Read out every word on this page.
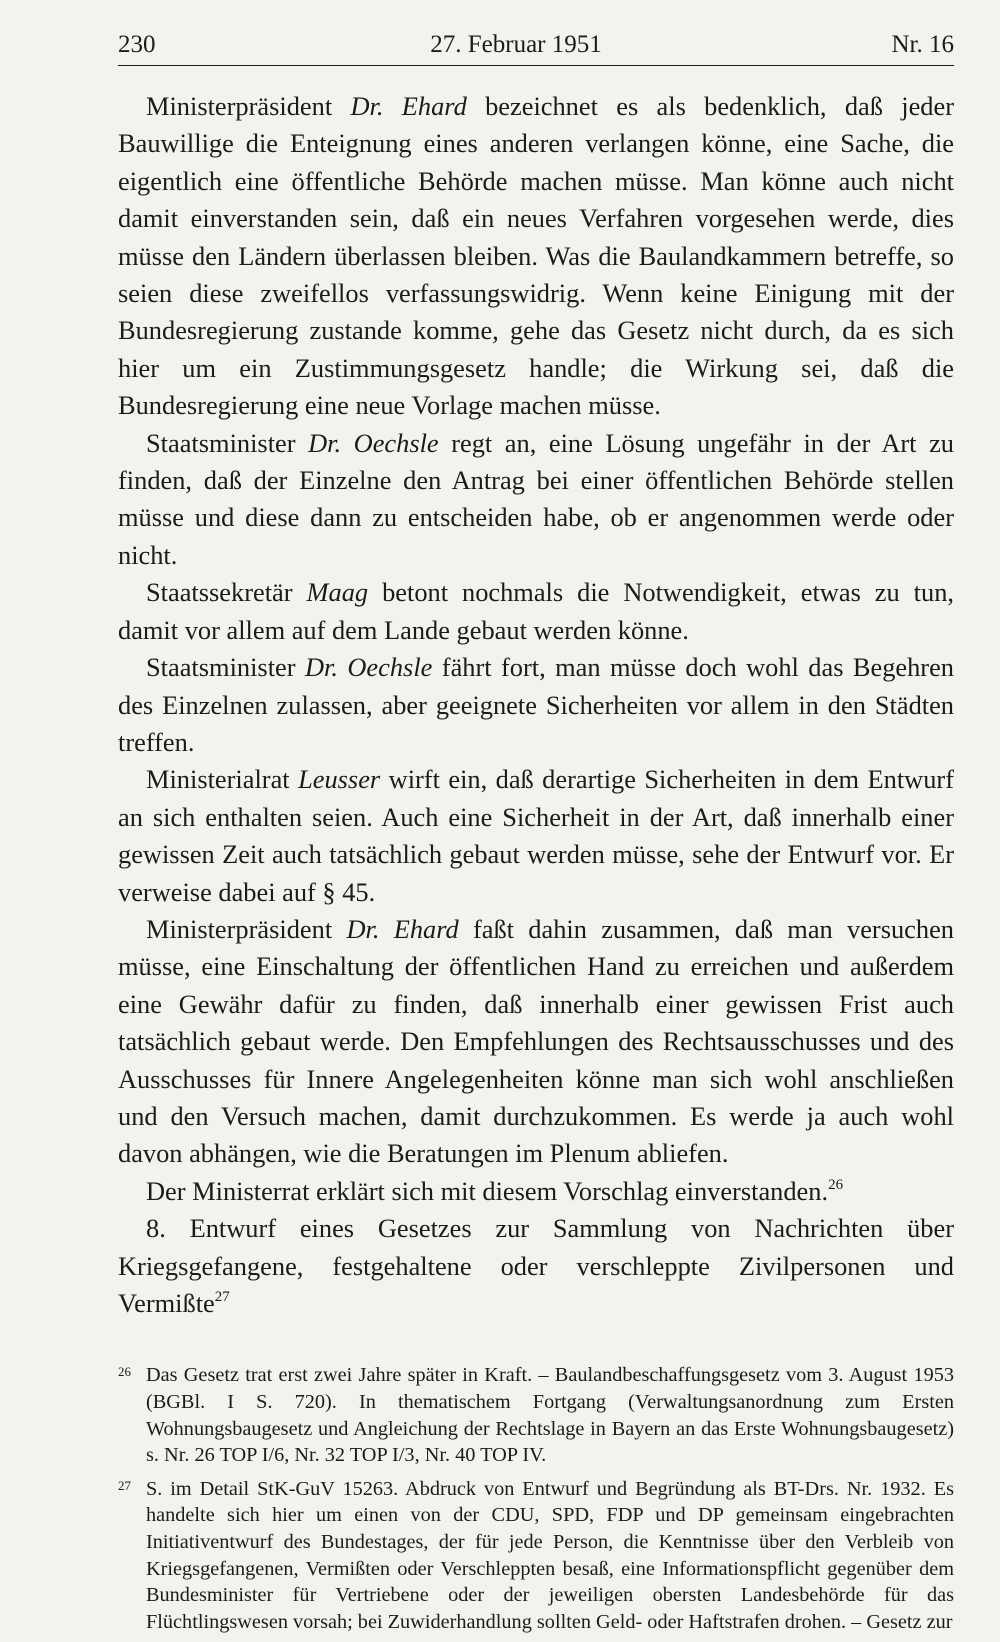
230	27. Februar 1951	Nr. 16

Ministerpräsident Dr. Ehard bezeichnet es als bedenklich, daß jeder Bauwillige die Enteignung eines anderen verlangen könne, eine Sache, die eigentlich eine öffentliche Behörde machen müsse. Man könne auch nicht damit einverstanden sein, daß ein neues Verfahren vorgesehen werde, dies müsse den Ländern überlassen bleiben. Was die Baulandkammern betreffe, so seien diese zweifellos verfassungswidrig. Wenn keine Einigung mit der Bundesregierung zustande komme, gehe das Gesetz nicht durch, da es sich hier um ein Zustimmungsgesetz handle; die Wirkung sei, daß die Bundesregierung eine neue Vorlage machen müsse.

Staatsminister Dr. Oechsle regt an, eine Lösung ungefähr in der Art zu finden, daß der Einzelne den Antrag bei einer öffentlichen Behörde stellen müsse und diese dann zu entscheiden habe, ob er angenommen werde oder nicht.

Staatssekretär Maag betont nochmals die Notwendigkeit, etwas zu tun, damit vor allem auf dem Lande gebaut werden könne.

Staatsminister Dr. Oechsle fährt fort, man müsse doch wohl das Begehren des Einzelnen zulassen, aber geeignete Sicherheiten vor allem in den Städten treffen.

Ministerialrat Leusser wirft ein, daß derartige Sicherheiten in dem Entwurf an sich enthalten seien. Auch eine Sicherheit in der Art, daß innerhalb einer gewissen Zeit auch tatsächlich gebaut werden müsse, sehe der Entwurf vor. Er verweise dabei auf § 45.

Ministerpräsident Dr. Ehard faßt dahin zusammen, daß man versuchen müsse, eine Einschaltung der öffentlichen Hand zu erreichen und außerdem eine Gewähr dafür zu finden, daß innerhalb einer gewissen Frist auch tatsächlich gebaut werde. Den Empfehlungen des Rechtsausschusses und des Ausschusses für Innere Angelegenheiten könne man sich wohl anschließen und den Versuch machen, damit durchzukommen. Es werde ja auch wohl davon abhängen, wie die Beratungen im Plenum abliefen.

Der Ministerrat erklärt sich mit diesem Vorschlag einverstanden.$^{26}$

8. Entwurf eines Gesetzes zur Sammlung von Nachrichten über Kriegsgefangene, festgehaltene oder verschleppte Zivilpersonen und Vermißte$^{27}$

26 Das Gesetz trat erst zwei Jahre später in Kraft. – Baulandbeschaffungsgesetz vom 3. August 1953 (BGBl. I S. 720). In thematischem Fortgang (Verwaltungsanordnung zum Ersten Wohnungsbaugesetz und Angleichung der Rechtslage in Bayern an das Erste Wohnungsbaugesetz) s. Nr. 26 TOP I/6, Nr. 32 TOP I/3, Nr. 40 TOP IV.
27 S. im Detail StK-GuV 15263. Abdruck von Entwurf und Begründung als BT-Drs. Nr. 1932. Es handelte sich hier um einen von der CDU, SPD, FDP und DP gemeinsam eingebrachten Initiativentwurf des Bundestages, der für jede Person, die Kenntnisse über den Verbleib von Kriegsgefangenen, Vermißten oder Verschleppten besaß, eine Informationspflicht gegenüber dem Bundesminister für Vertriebene oder der jeweiligen obersten Landesbehörde für das Flüchtlingswesen vorsah; bei Zuwiderhandlung sollten Geld- oder Haftstrafen drohen. – Gesetz zur
